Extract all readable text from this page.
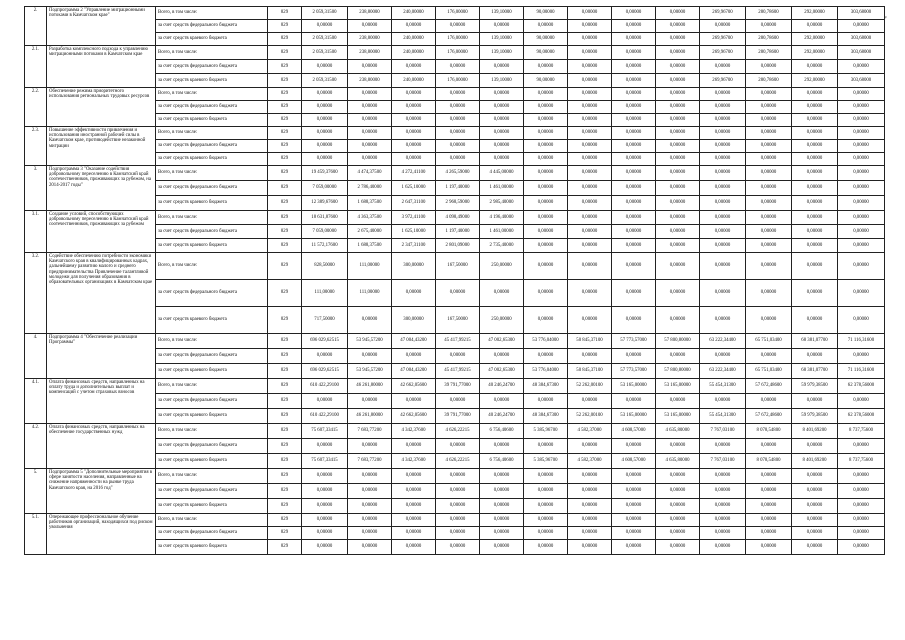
*
2.	Подпрограмма 2 "Управление миграционными потоками в Камчатском крае"	Всего, в том числе:	829	2 059,31500	238,80000	240,00000	176,00000	139,10000	90,00000	0,00000	0,00000	0,00000	269,96700	280,78600	292,00000	303,68000
		за счет средств федерального бюджета	829	0,00000	0,00000	0,00000	0,00000	0,00000	0,00000	0,00000	0,00000	0,00000	0,00000	0,00000	0,00000	0,00000
		за счет средств краевого бюджета	829	2 059,31500	238,80000	240,00000	176,00000	139,10000	90,00000	0,00000	0,00000	0,00000	269,96700	280,78600	292,00000	303,68000
2.1.	Разработка комплексного подхода к управлению миграционными потоками в Камчатском крае	Всего, в том числе:	829	2 059,31500	238,80000	240,00000	176,00000	139,10000	90,00000	0,00000	0,00000	0,00000	269,96700	280,78600	292,00000	303,68000
		за счет средств федерального бюджета	829	0,00000	0,00000	0,00000	0,00000	0,00000	0,00000	0,00000	0,00000	0,00000	0,00000	0,00000	0,00000	0,00000
		за счет средств краевого бюджета	829	2 059,31500	238,80000	240,00000	176,00000	139,10000	90,00000	0,00000	0,00000	0,00000	269,96700	280,78600	292,00000	303,68000
2.2.	Обеспечение режима приоритетного использования региональных трудовых ресурсов	Всего, в том числе:	829	0,00000	0,00000	0,00000	0,00000	0,00000	0,00000	0,00000	0,00000	0,00000	0,00000	0,00000	0,00000	0,00000
		за счет средств федерального бюджета	829	0,00000	0,00000	0,00000	0,00000	0,00000	0,00000	0,00000	0,00000	0,00000	0,00000	0,00000	0,00000	0,00000
		за счет средств краевого бюджета	829	0,00000	0,00000	0,00000	0,00000	0,00000	0,00000	0,00000	0,00000	0,00000	0,00000	0,00000	0,00000	0,00000
2.3.	Повышение эффективности привлечения и использования иностранной рабочей силы в Камчатском крае, противодействие незаконной миграции	Всего, в том числе:	829	0,00000	0,00000	0,00000	0,00000	0,00000	0,00000	0,00000	0,00000	0,00000	0,00000	0,00000	0,00000	0,00000
		за счет средств федерального бюджета	829	0,00000	0,00000	0,00000	0,00000	0,00000	0,00000	0,00000	0,00000	0,00000	0,00000	0,00000	0,00000	0,00000
		за счет средств краевого бюджета	829	0,00000	0,00000	0,00000	0,00000	0,00000	0,00000	0,00000	0,00000	0,00000	0,00000	0,00000	0,00000	0,00000
3.	Подпрограмма 3 "Оказание содействия добровольному переселению в Камчатский край соотечественников, проживающих за рубежом, на 2014-2017 годы"	Всего, в том числе:	829	19 459,37600	4 474,37500	4 272,41100	4 265,59000	4 445,00000	0,00000	0,00000	0,00000	0,00000	0,00000	0,00000	0,00000	0,00000
		за счет средств федерального бюджета	829	7 059,00000	2 786,40000	1 625,10000	1 197,40000	1 461,00000	0,00000	0,00000	0,00000	0,00000	0,00000	0,00000	0,00000	0,00000
		за счет средств краевого бюджета	829	12 389,67600	1 688,37500	2 647,31100	2 968,59000	2 985,40000	0,00000	0,00000	0,00000	0,00000	0,00000	0,00000	0,00000	0,00000
3.1.	Создание условий, способствующих добровольному переселению в Камчатский край соотечественников, проживающих за рубежом	Всего, в том числе:	829	18 631,87600	4 363,37500	3 972,41100	4 098,49000	4 196,40000	0,00000	0,00000	0,00000	0,00000	0,00000	0,00000	0,00000	0,00000
		за счет средств федерального бюджета	829	7 059,00000	2 675,40000	1 625,10000	1 197,40000	1 461,00000	0,00000	0,00000	0,00000	0,00000	0,00000	0,00000	0,00000	0,00000
		за счет средств краевого бюджета	829	11 572,17600	1 688,37500	2 347,31100	2 801,09000	2 735,40000	0,00000	0,00000	0,00000	0,00000	0,00000	0,00000	0,00000	0,00000
3.2.	Содействие обеспечению потребности экономики Камчатского края в квалифицированных кадрах, дальнейшему развитию малого и среднего предпринимательства Привлечение талантливой молодежи для получения образования в образовательных организациях в Камчатском крае	Всего, в том числе:	829	828,50000	111,00000	300,00000	167,50000	250,00000	0,00000	0,00000	0,00000	0,00000	0,00000	0,00000	0,00000	0,00000
		за счет средств федерального бюджета	829	111,00000	111,00000	0,00000	0,00000	0,00000	0,00000	0,00000	0,00000	0,00000	0,00000	0,00000	0,00000	0,00000
		за счет средств краевого бюджета	829	717,50000	0,00000	300,00000	167,50000	250,00000	0,00000	0,00000	0,00000	0,00000	0,00000	0,00000	0,00000	0,00000
4.	Подпрограмма 4 "Обеспечение реализации Программы"	Всего, в том числе:	829	696 029,62515	53 945,57200	47 004,43200	45 417,99215	47 002,65300	53 776,04000	50 845,37100	57 773,57000	57 800,80000	63 222,34400	65 751,03400	68 381,07700	71 116,31600
		за счет средств федерального бюджета	829	0,00000	0,00000	0,00000	0,00000	0,00000	0,00000	0,00000	0,00000	0,00000	0,00000	0,00000	0,00000	0,00000
		за счет средств краевого бюджета	829	696 029,62515	53 945,57200	47 004,43200	45 417,99215	47 002,65300	53 776,04000	50 845,37100	57 773,57000	57 800,80000	63 222,34400	65 751,03400	68 381,07700	71 116,31600
4.1.	Оплата финансовых средств, направленных на оплату труда и дополнительных выплат и компенсаций с учетом страховых взносов	Всего, в том числе:	829	610 422,29100	46 261,80000	42 662,05600	39 791,77000	40 246,24700	48 384,67300	52 262,00100	53 165,00000	53 165,00000	55 454,31300	57 672,48600	59 979,38500	62 378,56000
		за счет средств федерального бюджета	829	0,00000	0,00000	0,00000	0,00000	0,00000	0,00000	0,00000	0,00000	0,00000	0,00000	0,00000	0,00000	0,00000
		за счет средств краевого бюджета	829	610 422,29100	46 261,80000	42 662,05600	39 791,77000	40 246,24700	48 384,67300	52 262,00100	53 165,00000	53 165,00000	55 454,31300	57 672,48600	59 979,38500	62 378,56000
4.2.	Оплата финансовых средств, направленных на обеспечение государственных нужд	Всего, в том числе:	829	75 607,33415	7 683,77200	4 342,37600	4 626,22215	6 756,40600	5 385,96700	4 582,37000	4 608,57000	4 635,80000	7 767,03100	8 078,54800	8 401,69200	8 737,75600
		за счет средств федерального бюджета	829	0,00000	0,00000	0,00000	0,00000	0,00000	0,00000	0,00000	0,00000	0,00000	0,00000	0,00000	0,00000	0,00000
		за счет средств краевого бюджета	829	75 607,33415	7 683,77200	4 342,37600	4 626,22215	6 756,40600	5 385,96700	4 582,37000	4 608,57000	4 635,80000	7 767,03100	8 078,54800	8 401,69200	8 737,75600
5.	Подпрограмма 5 "Дополнительные мероприятия в сфере занятости населения, направленные на снижение напряженности на рынке труда Камчатского края, на 2016 год"	Всего, в том числе:	829	0,00000	0,00000	0,00000	0,00000	0,00000	0,00000	0,00000	0,00000	0,00000	0,00000	0,00000	0,00000	0,00000
		за счет средств федерального бюджета	829	0,00000	0,00000	0,00000	0,00000	0,00000	0,00000	0,00000	0,00000	0,00000	0,00000	0,00000	0,00000	0,00000
		за счет средств краевого бюджета	829	0,00000	0,00000	0,00000	0,00000	0,00000	0,00000	0,00000	0,00000	0,00000	0,00000	0,00000	0,00000	0,00000
5.1.	Опережающее профессиональное обучение работников организаций, находящихся под риском увольнения	Всего, в том числе:	829	0,00000	0,00000	0,00000	0,00000	0,00000	0,00000	0,00000	0,00000	0,00000	0,00000	0,00000	0,00000	0,00000
		за счет средств федерального бюджета	829	0,00000	0,00000	0,00000	0,00000	0,00000	0,00000	0,00000	0,00000	0,00000	0,00000	0,00000	0,00000	0,00000
		за счет средств краевого бюджета	829	0,00000	0,00000	0,00000	0,00000	0,00000	0,00000	0,00000	0,00000	0,00000	0,00000	0,00000	0,00000	0,00000
